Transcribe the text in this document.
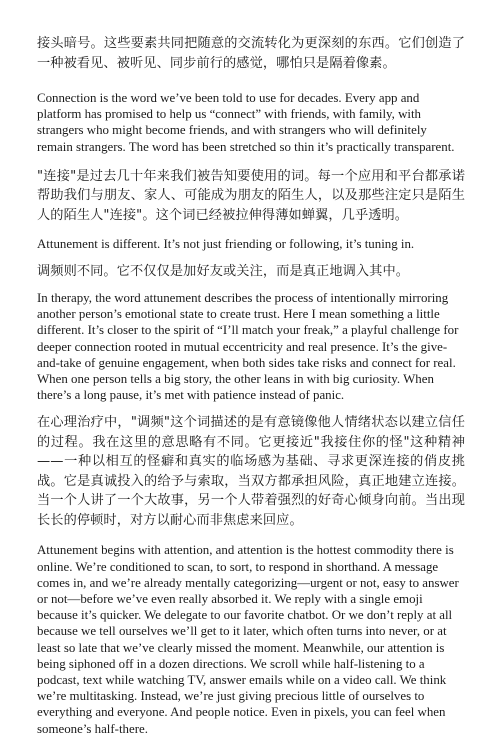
接头暗号。这些要素共同把随意的交流转化为更深刻的东西。它们创造了一种被看见、被听见、同步前行的感觉，哪怕只是隔着像素。

Connection is the word we’ve been told to use for decades. Every app and platform has promised to help us “connect” with friends, with family, with strangers who might become friends, and with strangers who will definitely remain strangers. The word has been stretched so thin it’s practically transparent.

"连接"是过去几十年来我们被告知要使用的词。每一个应用和平台都承诺帮助我们与朋友、家人、可能成为朋友的陌生人，以及那些注定只是陌生人的陌生人"连接"。这个词已经被拉伸得薄如蝉翼，几乎透明。

Attunement is different. It’s not just friending or following, it’s tuning in.

调频则不同。它不仅仅是加好友或关注，而是真正地调入其中。

In therapy, the word attunement describes the process of intentionally mirroring another person’s emotional state to create trust. Here I mean something a little different. It’s closer to the spirit of “I’ll match your freak,” a playful challenge for deeper connection rooted in mutual eccentricity and real presence. It’s the give-and-take of genuine engagement, when both sides take risks and connect for real. When one person tells a big story, the other leans in with big curiosity. When there’s a long pause, it’s met with patience instead of panic.

在心理治疗中，"调频"这个词描述的是有意镜像他人情绪状态以建立信任的过程。我在这里的意思略有不同。它更接近"我接住你的怪"这种精神——一种以相互的怪癖和真实的临场感为基础、寻求更深连接的俏皮挑战。它是真诚投入的给予与索取，当双方都承担风险，真正地建立连接。当一个人讲了一个大故事，另一个人带着强烈的好奇心倾身向前。当出现长长的停顿时，对方以耐心而非焦虑来回应。

Attunement begins with attention, and attention is the hottest commodity there is online. We’re conditioned to scan, to sort, to respond in shorthand. A message comes in, and we’re already mentally categorizing—urgent or not, easy to answer or not—before we’ve even really absorbed it. We reply with a single emoji because it’s quicker. We delegate to our favorite chatbot. Or we don’t reply at all because we tell ourselves we’ll get to it later, which often turns into never, or at least so late that we’ve clearly missed the moment. Meanwhile, our attention is being siphoned off in a dozen directions. We scroll while half-listening to a podcast, text while watching TV, answer emails while on a video call. We think we’re multitasking. Instead, we’re just giving precious little of ourselves to everything and everyone. And people notice. Even in pixels, you can feel when someone’s half-there.
